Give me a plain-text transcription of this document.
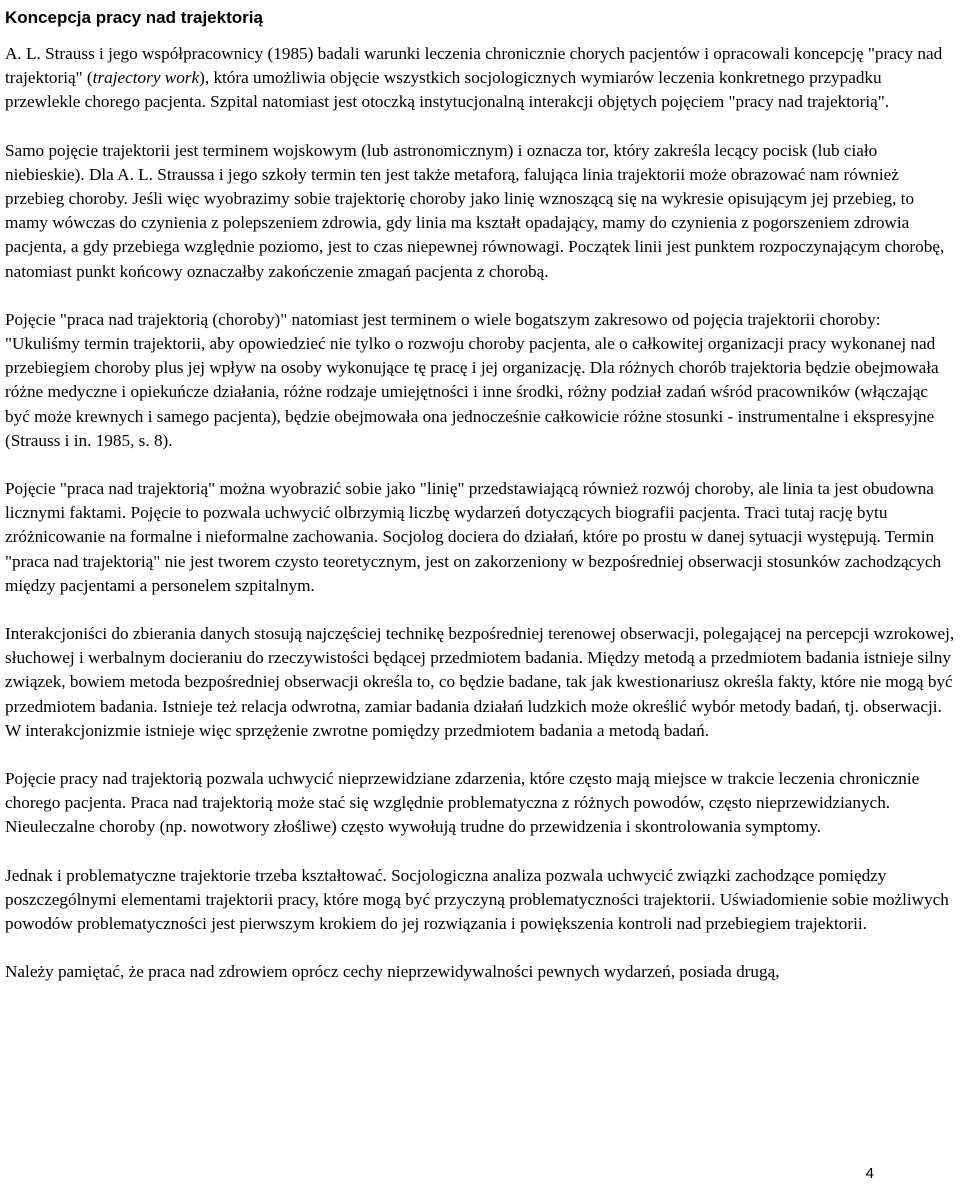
Koncepcja pracy nad trajektorią

A. L. Strauss i jego współpracownicy (1985) badali warunki leczenia chronicznie chorych pacjentów i opracowali koncepcję "pracy nad trajektorią" (trajectory work), która umożliwia objęcie wszystkich socjologicznych wymiarów leczenia konkretnego przypadku przewlekle chorego pacjenta. Szpital natomiast jest otoczką instytucjonalną interakcji objętych pojęciem "pracy nad trajektorią".

Samo pojęcie trajektorii jest terminem wojskowym (lub astronomicznym) i oznacza tor, który zakreśla lecący pocisk (lub ciało niebieskie). Dla A. L. Straussa i jego szkoły termin ten jest także metaforą, falująca linia trajektorii może obrazować nam również przebieg choroby. Jeśli więc wyobrazimy sobie trajektorię choroby jako linię wznoszącą się na wykresie opisującym jej przebieg, to mamy wówczas do czynienia z polepszeniem zdrowia, gdy linia ma kształt opadający, mamy do czynienia z pogorszeniem zdrowia pacjenta, a gdy przebiega względnie poziomo, jest to czas niepewnej równowagi. Początek linii jest punktem rozpoczynającym chorobę, natomiast punkt końcowy oznaczałby zakończenie zmagań pacjenta z chorobą.

Pojęcie "praca nad trajektorią (choroby)" natomiast jest terminem o wiele bogatszym zakresowo od pojęcia trajektorii choroby: "Ukuliśmy termin trajektorii, aby opowiedzieć nie tylko o rozwoju choroby pacjenta, ale o całkowitej organizacji pracy wykonanej nad przebiegiem choroby plus jej wpływ na osoby wykonujące tę pracę i jej organizację. Dla różnych chorób trajektoria będzie obejmowała różne medyczne i opiekuńcze działania, różne rodzaje umiejętności i inne środki, różny podział zadań wśród pracowników (włączając być może krewnych i samego pacjenta), będzie obejmowała ona jednocześnie całkowicie różne stosunki - instrumentalne i ekspresyjne (Strauss i in. 1985, s. 8).

Pojęcie "praca nad trajektorią" można wyobrazić sobie jako "linię" przedstawiającą również rozwój choroby, ale linia ta jest obudowna licznymi faktami. Pojęcie to pozwala uchwycić olbrzymią liczbę wydarzeń dotyczących biografii pacjenta. Traci tutaj rację bytu zróżnicowanie na formalne i nieformalne zachowania. Socjolog dociera do działań, które po prostu w danej sytuacji występują. Termin "praca nad trajektorią" nie jest tworem czysto teoretycznym, jest on zakorzeniony w bezpośredniej obserwacji stosunków zachodzących między pacjentami a personelem szpitalnym.

Interakcjoniści do zbierania danych stosują najczęściej technikę bezpośredniej terenowej obserwacji, polegającej na percepcji wzrokowej, słuchowej i werbalnym docieraniu do rzeczywistości będącej przedmiotem badania. Między metodą a przedmiotem badania istnieje silny związek, bowiem metoda bezpośredniej obserwacji określa to, co będzie badane, tak jak kwestionariusz określa fakty, które nie mogą być przedmiotem badania. Istnieje też relacja odwrotna, zamiar badania działań ludzkich może określić wybór metody badań, tj. obserwacji. W interakcjonizmie istnieje więc sprzężenie zwrotne pomiędzy przedmiotem badania a metodą badań.

Pojęcie pracy nad trajektorią pozwala uchwycić nieprzewidziane zdarzenia, które często mają miejsce w trakcie leczenia chronicznie chorego pacjenta. Praca nad trajektorią może stać się względnie problematyczna z różnych powodów, często nieprzewidzianych. Nieuleczalne choroby (np. nowotwory złośliwe) często wywołują trudne do przewidzenia i skontrolowania symptomy.

Jednak i problematyczne trajektorie trzeba kształtować. Socjologiczna analiza pozwala uchwycić związki zachodzące pomiędzy poszczególnymi elementami trajektorii pracy, które mogą być przyczyną problematyczności trajektorii. Uświadomienie sobie możliwych powodów problematyczności jest pierwszym krokiem do jej rozwiązania i powiększenia kontroli nad przebiegiem trajektorii.

Należy pamiętać, że praca nad zdrowiem oprócz cechy nieprzewidywalności pewnych wydarzeń, posiada drugą,

4
